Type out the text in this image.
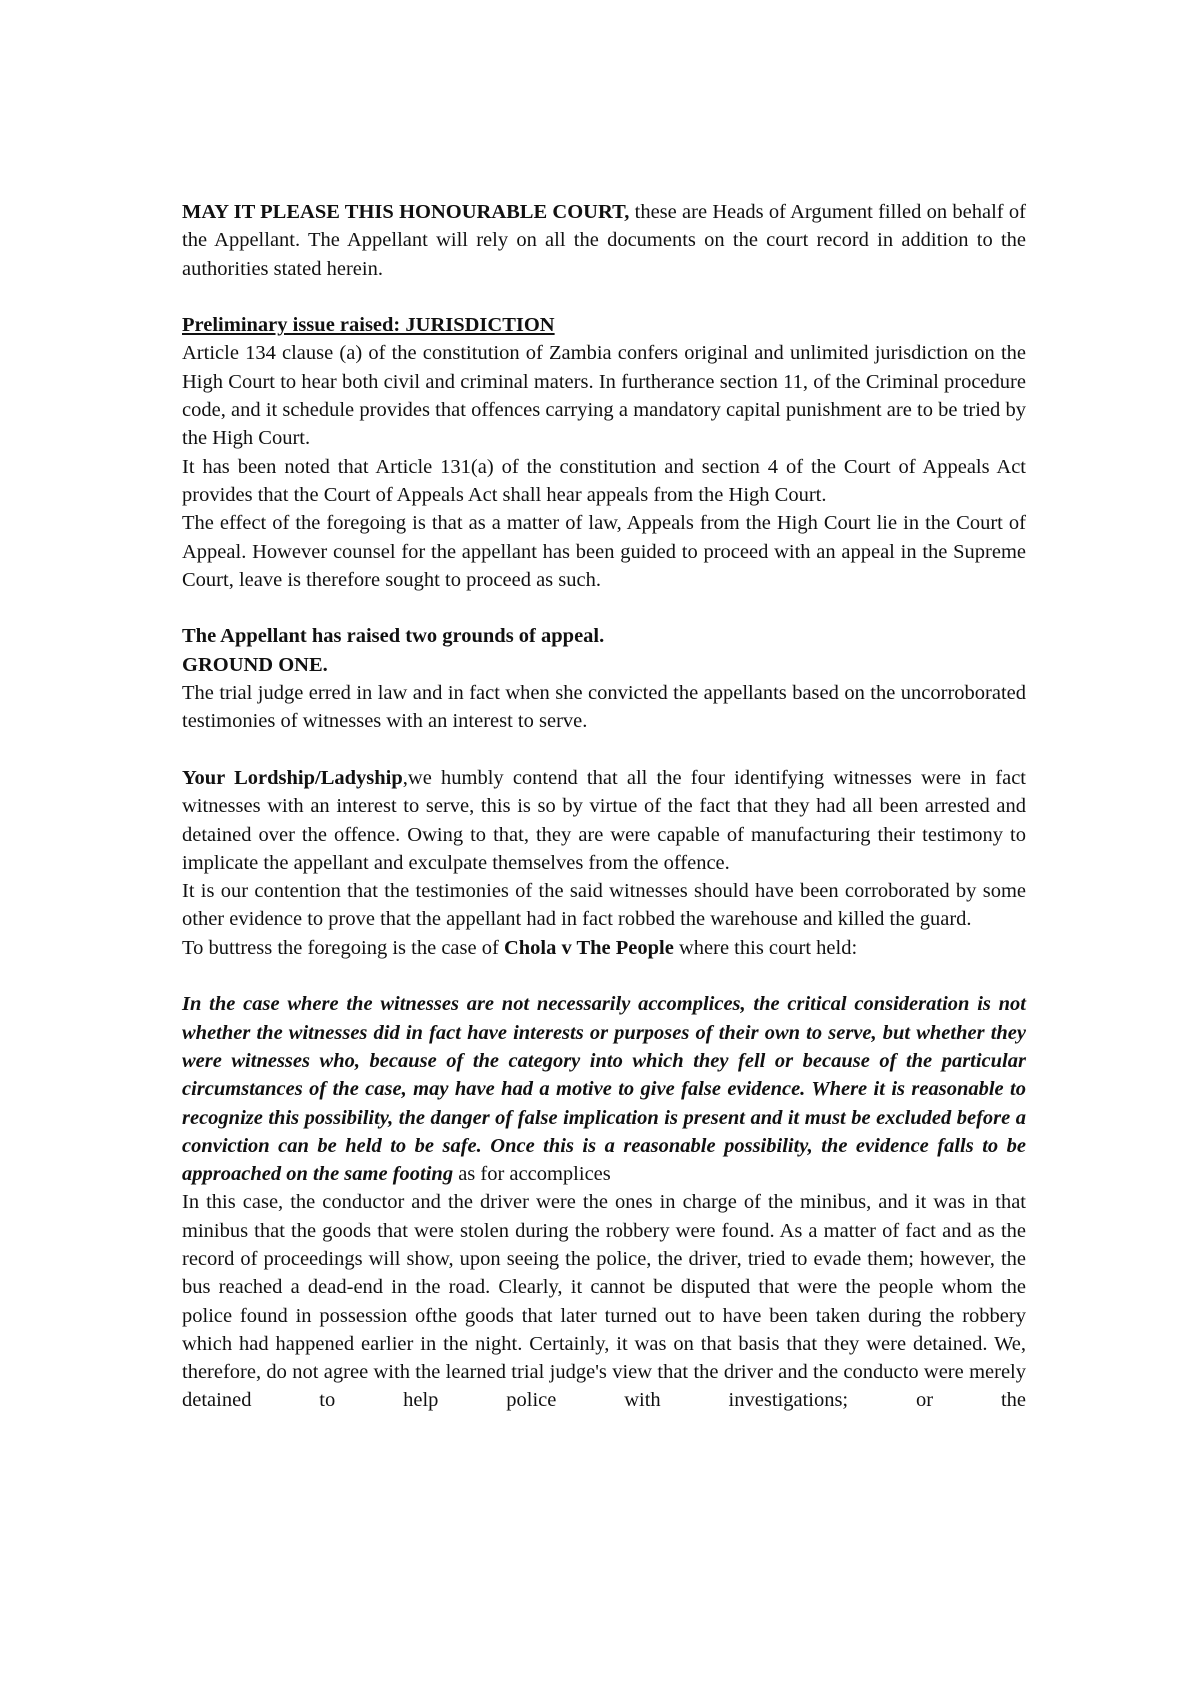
MAY IT PLEASE THIS HONOURABLE COURT, these are Heads of Argument filled on behalf of the Appellant. The Appellant will rely on all the documents on the court record in addition to the authorities stated herein.

Preliminary issue raised: JURISDICTION

Article 134 clause (a) of the constitution of Zambia confers original and unlimited jurisdiction on the High Court to hear both civil and criminal maters. In furtherance section 11, of the Criminal procedure code, and it schedule provides that offences carrying a mandatory capital punishment are to be tried by the High Court.

It has been noted that Article 131(a) of the constitution and section 4 of the Court of Appeals Act provides that the Court of Appeals Act shall hear appeals from the High Court.

The effect of the foregoing is that as a matter of law, Appeals from the High Court lie in the Court of Appeal. However counsel for the appellant has been guided to proceed with an appeal in the Supreme Court, leave is therefore sought to proceed as such.

The Appellant has raised two grounds of appeal.

GROUND ONE.

The trial judge erred in law and in fact when she convicted the appellants based on the uncorroborated testimonies of witnesses with an interest to serve.

Your Lordship/Ladyship,we humbly contend that all the four identifying witnesses were in fact witnesses with an interest to serve, this is so by virtue of the fact that they had all been arrested and detained over the offence. Owing to that, they are were capable of manufacturing their testimony to implicate the appellant and exculpate themselves from the offence.

It is our contention that the testimonies of the said witnesses should have been corroborated by some other evidence to prove that the appellant had in fact robbed the warehouse and killed the guard.

To buttress the foregoing is the case of Chola v The People where this court held:

In the case where the witnesses are not necessarily accomplices, the critical consideration is not whether the witnesses did in fact have interests or purposes of their own to serve, but whether they were witnesses who, because of the category into which they fell or because of the particular circumstances of the case, may have had a motive to give false evidence. Where it is reasonable to recognize this possibility, the danger of false implication is present and it must be excluded before a conviction can be held to be safe. Once this is a reasonable possibility, the evidence falls to be approached on the same footing as for accomplices

In this case, the conductor and the driver were the ones in charge of the minibus, and it was in that minibus that the goods that were stolen during the robbery were found. As a matter of fact and as the record of proceedings will show, upon seeing the police, the driver, tried to evade them; however, the bus reached a dead-end in the road. Clearly, it cannot be disputed that were the people whom the police found in possession ofthe goods that later turned out to have been taken during the robbery which had happened earlier in the night. Certainly, it was on that basis that they were detained. We, therefore, do not agree with the learned trial judge's view that the driver and the conducto were merely detained to help police with investigations; or the
